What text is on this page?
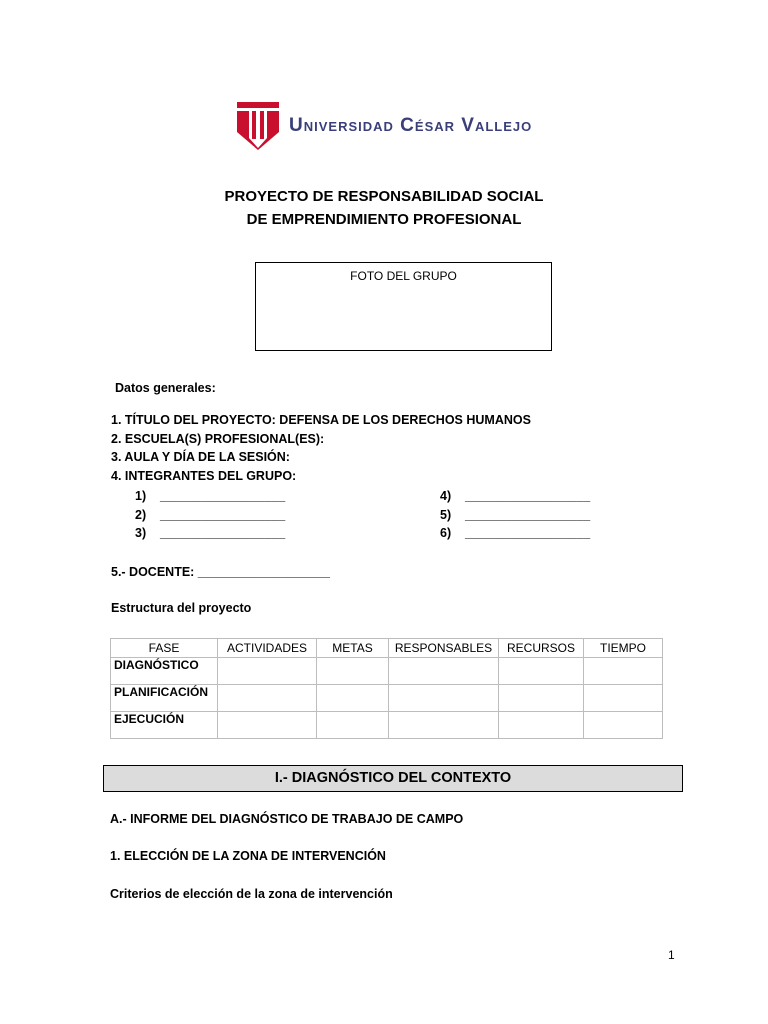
Universidad César Vallejo
PROYECTO DE RESPONSABILIDAD SOCIAL
DE EMPRENDIMIENTO PROFESIONAL
FOTO DEL GRUPO
Datos generales:
1. TÍTULO DEL PROYECTO: DEFENSA DE LOS DERECHOS HUMANOS
2. ESCUELA(S) PROFESIONAL(ES):
3. AULA Y DÍA DE LA SESIÓN:
4. INTEGRANTES DEL GRUPO:
1)    __________________
2)    __________________
3)    __________________
4)    __________________
5)    __________________
6)    __________________
5.- DOCENTE: ___________________
Estructura del proyecto
FASE	ACTIVIDADES	METAS	RESPONSABLES	RECURSOS	TIEMPO
DIAGNÓSTICO					
PLANIFICACIÓN					
EJECUCIÓN					
I.- DIAGNÓSTICO DEL CONTEXTO
A.- INFORME DEL DIAGNÓSTICO DE TRABAJO DE CAMPO
1. ELECCIÓN DE LA ZONA DE INTERVENCIÓN
Criterios de elección de la zona de intervención
1
